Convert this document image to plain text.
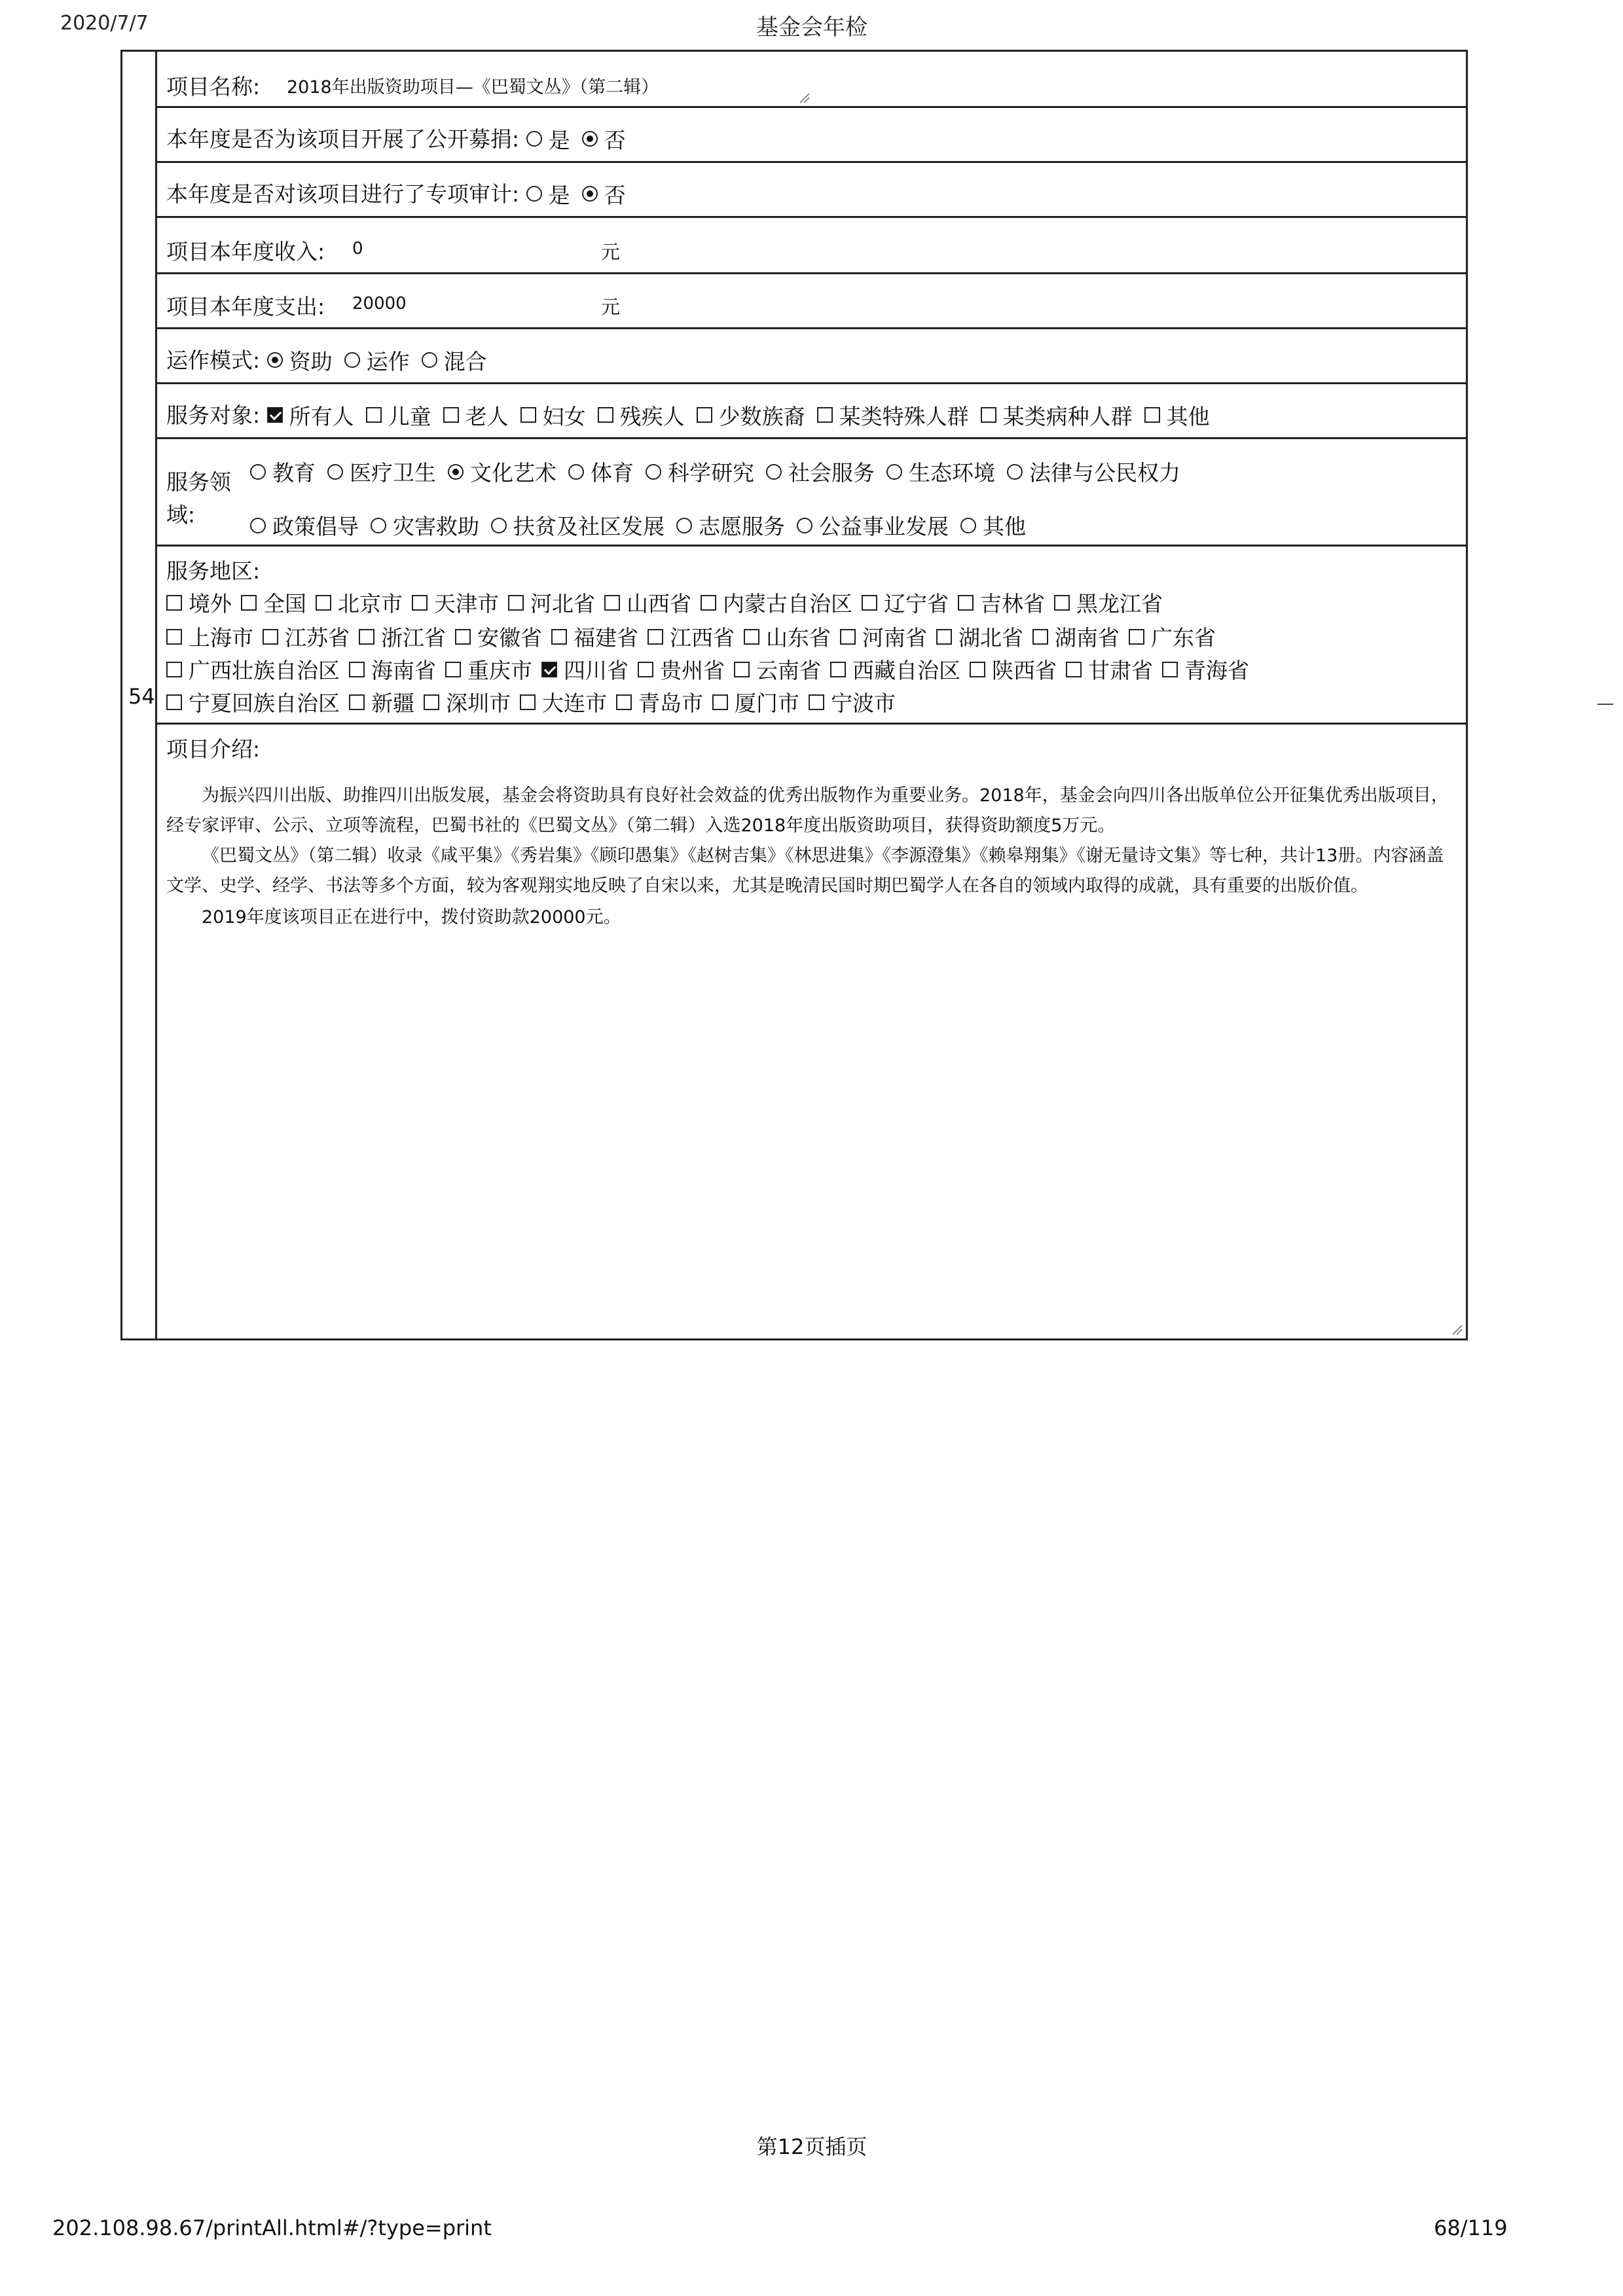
2020/7/7	基金会年检
54
项目名称: 2018年出版资助项目—《巴蜀文丛》（第二辑）
本年度是否为该项目开展了公开募捐: 是 否
本年度是否对该项目进行了专项审计: 是 否
项目本年度收入: 0	元
项目本年度支出: 20000	元
运作模式: 资助 运作 混合
服务对象: 所有人 儿童 老人 妇女 残疾人 少数族裔 某类特殊人群 某类病种人群 其他
服务领
域:
教育 医疗卫生 文化艺术 体育 科学研究 社会服务 生态环境 法律与公民权力
政策倡导 灾害救助 扶贫及社区发展 志愿服务 公益事业发展 其他
服务地区:
境外 全国 北京市 天津市 河北省 山西省 内蒙古自治区 辽宁省 吉林省 黑龙江省
上海市 江苏省 浙江省 安徽省 福建省 江西省 山东省 河南省 湖北省 湖南省 广东省
广西壮族自治区 海南省 重庆市 四川省 贵州省 云南省 西藏自治区 陕西省 甘肃省 青海省
宁夏回族自治区 新疆 深圳市 大连市 青岛市 厦门市 宁波市
项目介绍:
为振兴四川出版、助推四川出版发展，基金会将资助具有良好社会效益的优秀出版物作为重要业务。2018年，基金会向四川各出版单位公开征集优秀出版项目，经专家评审、公示、立项等流程，巴蜀书社的《巴蜀文丛》（第二辑）入选2018年度出版资助项目，获得资助额度5万元。
《巴蜀文丛》（第二辑）收录《咸平集》《秀岩集》《顾印愚集》《赵树吉集》《林思进集》《李源澄集》《赖皋翔集》《谢无量诗文集》等七种，共计13册。内容涵盖文学、史学、经学、书法等多个方面，较为客观翔实地反映了自宋以来，尤其是晚清民国时期巴蜀学人在各自的领域内取得的成就，具有重要的出版价值。
2019年度该项目正在进行中，拨付资助款20000元。
第12页插页
202.108.98.67/printAll.html#/?type=print	68/119
